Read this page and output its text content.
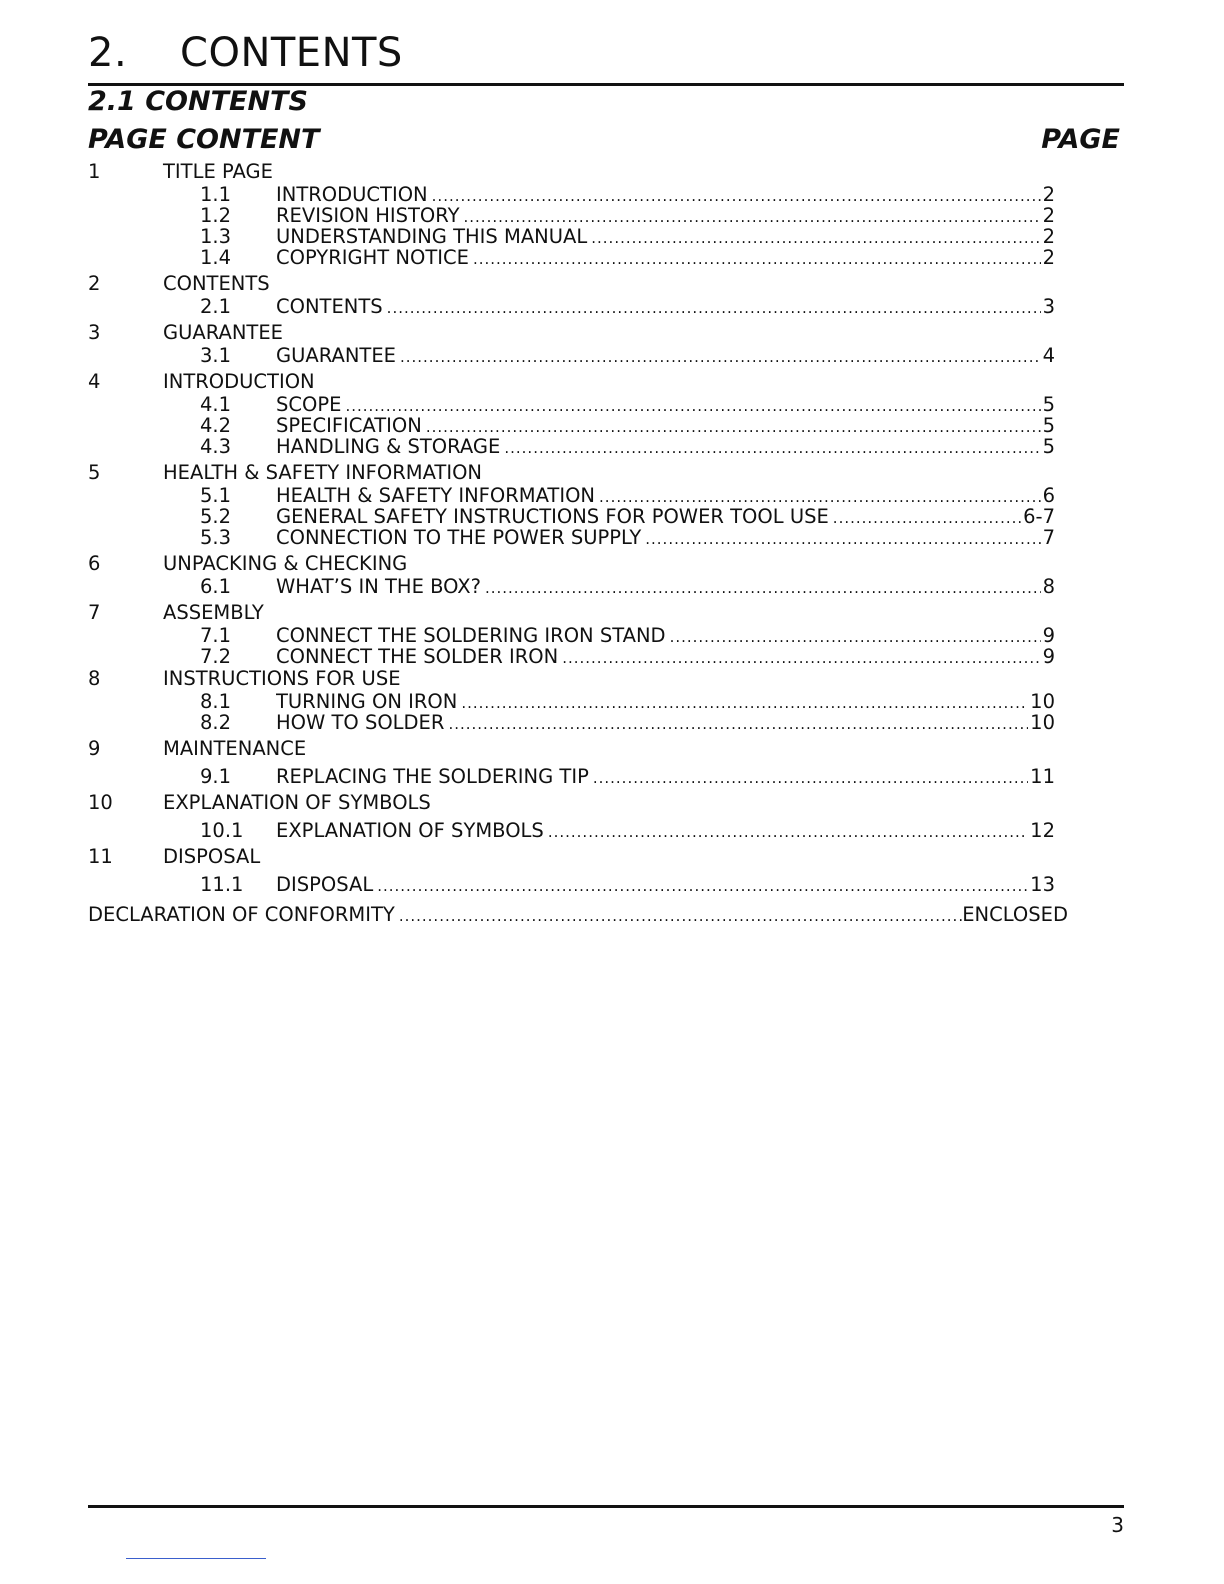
2. CONTENTS
2.1 CONTENTS
PAGE CONTENT	PAGE
1	TITLE PAGE
1.1 INTRODUCTION .....	2
1.2 REVISION HISTORY .....	2
1.3 UNDERSTANDING THIS MANUAL .....	2
1.4 COPYRIGHT NOTICE .....	2
2	CONTENTS
2.1 CONTENTS .....	3
3	GUARANTEE
3.1 GUARANTEE .....	4
4	INTRODUCTION
4.1 SCOPE .....	5
4.2 SPECIFICATION .....	5
4.3 HANDLING & STORAGE .....	5
5	HEALTH & SAFETY INFORMATION
5.1 HEALTH & SAFETY INFORMATION .....	6
5.2 GENERAL SAFETY INSTRUCTIONS FOR POWER TOOL USE .....	6-7
5.3 CONNECTION TO THE POWER SUPPLY .....	7
6	UNPACKING & CHECKING
6.1 WHAT’S IN THE BOX? .....	8
7	ASSEMBLY
7.1 CONNECT THE SOLDERING IRON STAND .....	9
7.2 CONNECT THE SOLDER IRON .....	9
8	INSTRUCTIONS FOR USE
8.1 TURNING ON IRON .....	10
8.2 HOW TO SOLDER .....	10
9	MAINTENANCE
9.1 REPLACING THE SOLDERING TIP .....	11
10	EXPLANATION OF SYMBOLS
10.1 EXPLANATION OF SYMBOLS .....	12
11	DISPOSAL
11.1 DISPOSAL .....	13
DECLARATION OF CONFORMITY .....	ENCLOSED
3
